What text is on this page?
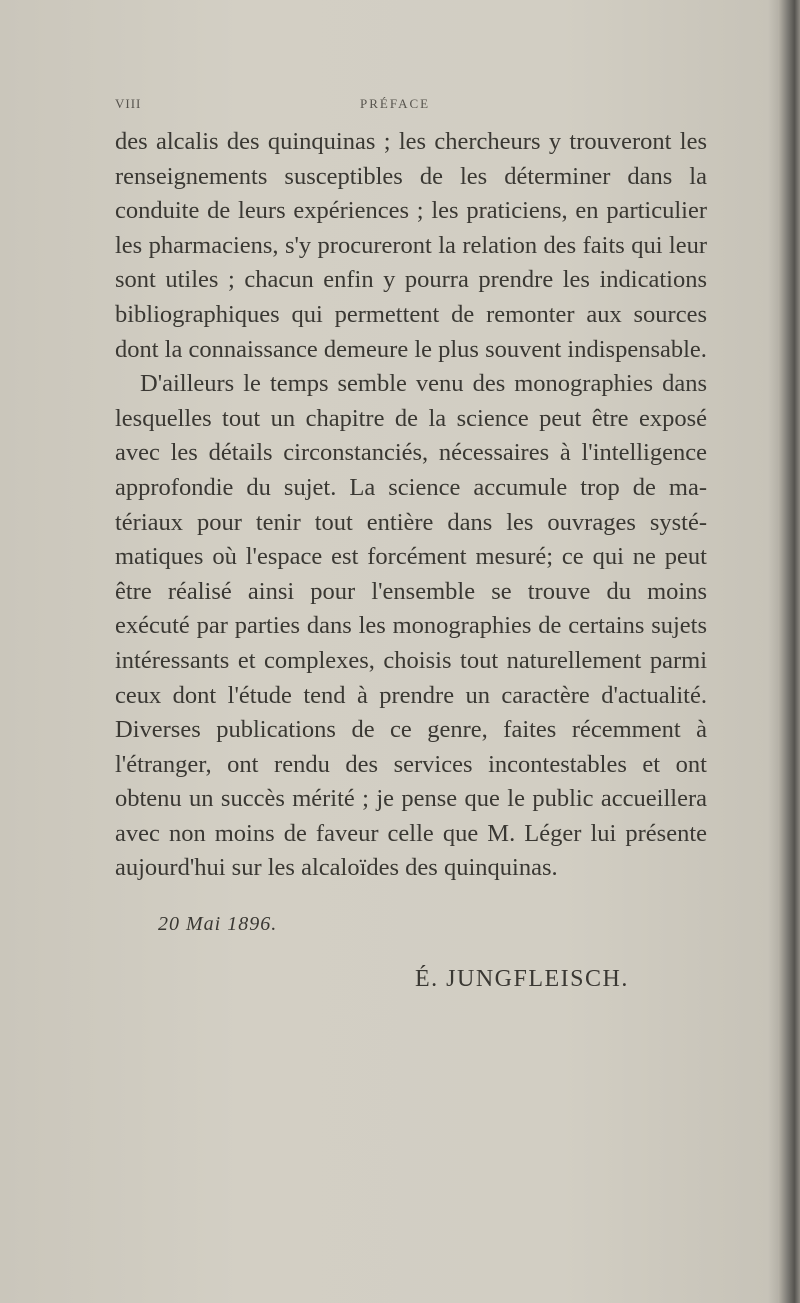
VIII	PRÉFACE

des alcalis des quinquinas ; les chercheurs y trouveront les renseignements susceptibles de les déterminer dans la conduite de leurs expériences ; les praticiens, en particulier les pharmaciens, s'y procureront la relation des faits qui leur sont utiles ; chacun enfin y pourra prendre les indications bibliographiques qui permettent de remonter aux sources dont la connaissance demeure le plus souvent indispensable.

D'ailleurs le temps semble venu des monographies dans lesquelles tout un chapitre de la science peut être exposé avec les détails circonstanciés, nécessaires à l'intelligence approfondie du sujet. La science accumule trop de matériaux pour tenir tout entière dans les ouvrages systématiques où l'espace est forcément mesuré; ce qui ne peut être réalisé ainsi pour l'ensemble se trouve du moins exécuté par parties dans les monographies de certains sujets intéressants et complexes, choisis tout naturellement parmi ceux dont l'étude tend à prendre un caractère d'actualité. Diverses publications de ce genre, faites récemment à l'étranger, ont rendu des services incontestables et ont obtenu un succès mérité ; je pense que le public accueillera avec non moins de faveur celle que M. Léger lui présente aujourd'hui sur les alcaloïdes des quinquinas.

20 Mai 1896.
É. JUNGFLEISCH.
